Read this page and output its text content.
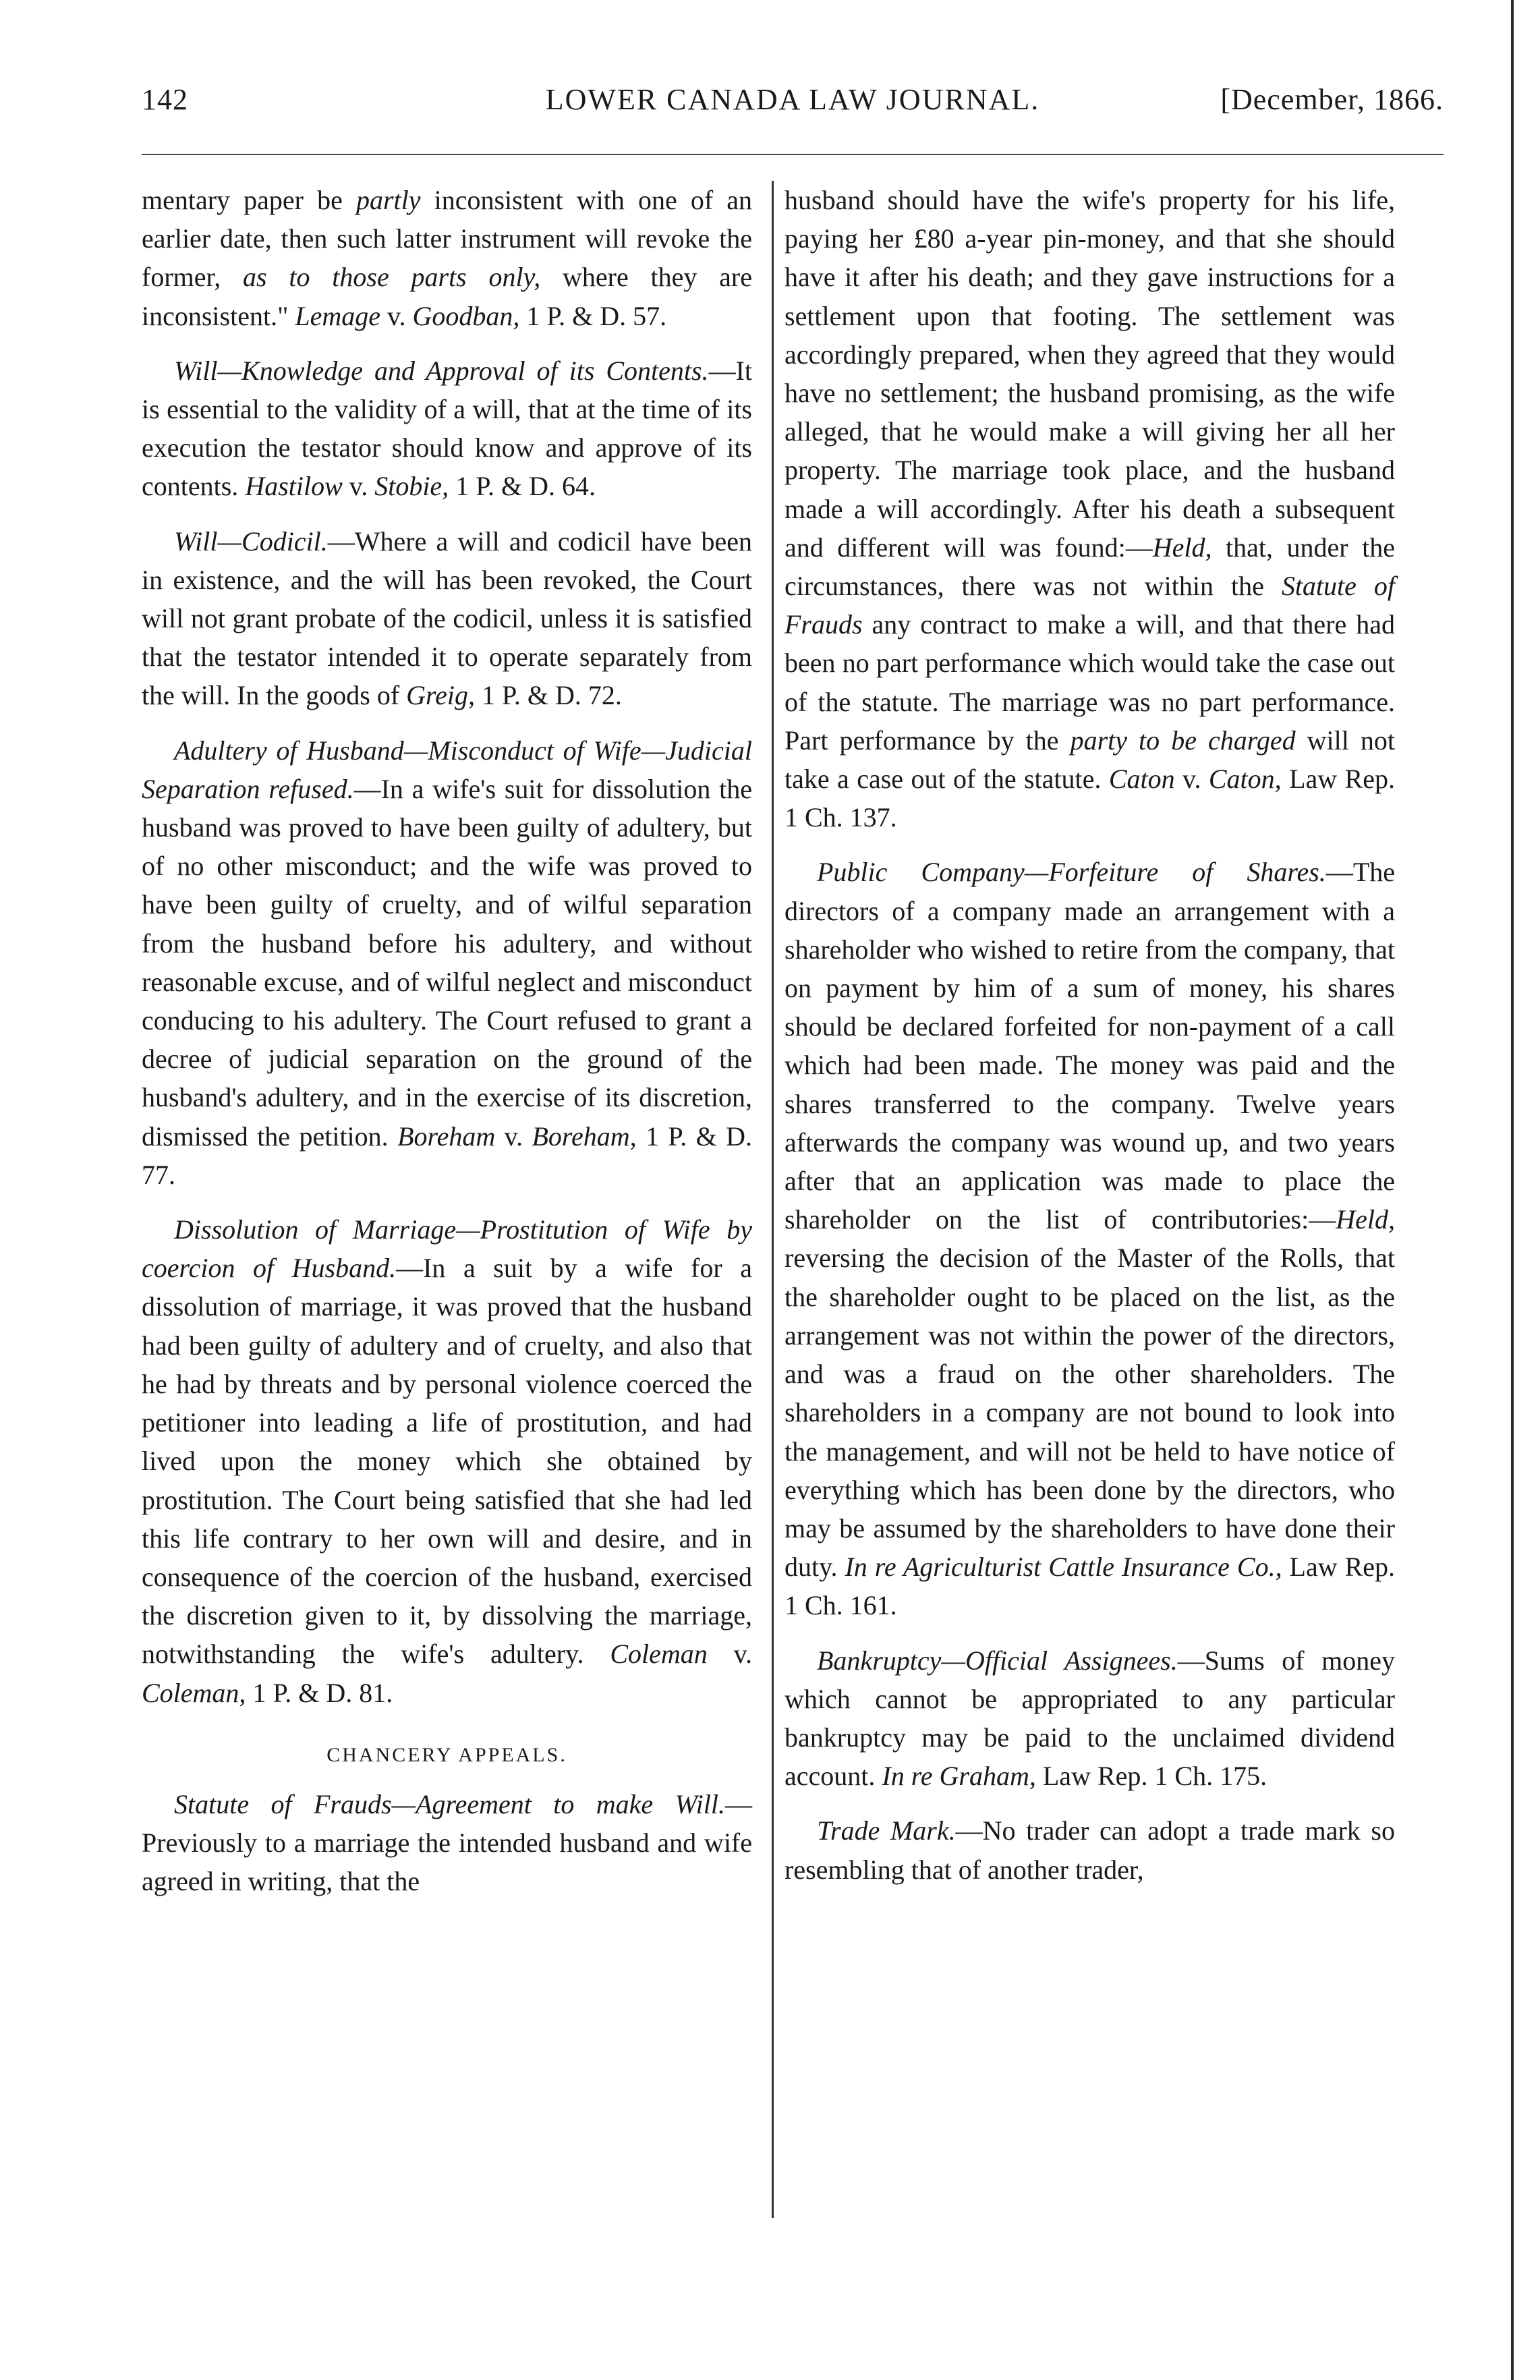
142	LOWER CANADA LAW JOURNAL.	[December, 1866.

mentary paper be partly inconsistent with one of an earlier date, then such latter instrument will revoke the former, as to those parts only, where they are inconsistent." Lemage v. Goodban, 1 P. & D. 57.

Will—Knowledge and Approval of its Contents.—It is essential to the validity of a will, that at the time of its execution the testator should know and approve of its contents. Hastilow v. Stobie, 1 P. & D. 64.

Will—Codicil.—Where a will and codicil have been in existence, and the will has been revoked, the Court will not grant probate of the codicil, unless it is satisfied that the testator intended it to operate separately from the will. In the goods of Greig, 1 P. & D. 72.

Adultery of Husband—Misconduct of Wife—Judicial Separation refused.—In a wife's suit for dissolution the husband was proved to have been guilty of adultery, but of no other misconduct; and the wife was proved to have been guilty of cruelty, and of wilful separation from the husband before his adultery, and without reasonable excuse, and of wilful neglect and misconduct conducing to his adultery. The Court refused to grant a decree of judicial separation on the ground of the husband's adultery, and in the exercise of its discretion, dismissed the petition. Boreham v. Boreham, 1 P. & D. 77.

Dissolution of Marriage—Prostitution of Wife by coercion of Husband.—In a suit by a wife for a dissolution of marriage, it was proved that the husband had been guilty of adultery and of cruelty, and also that he had by threats and by personal violence coerced the petitioner into leading a life of prostitution, and had lived upon the money which she obtained by prostitution. The Court being satisfied that she had led this life contrary to her own will and desire, and in consequence of the coercion of the husband, exercised the discretion given to it, by dissolving the marriage, notwithstanding the wife's adultery. Coleman v. Coleman, 1 P. & D. 81.

CHANCERY APPEALS.

Statute of Frauds—Agreement to make Will.—Previously to a marriage the intended husband and wife agreed in writing, that the

husband should have the wife's property for his life, paying her £80 a-year pin-money, and that she should have it after his death; and they gave instructions for a settlement upon that footing. The settlement was accordingly prepared, when they agreed that they would have no settlement; the husband promising, as the wife alleged, that he would make a will giving her all her property. The marriage took place, and the husband made a will accordingly. After his death a subsequent and different will was found:—Held, that, under the circumstances, there was not within the Statute of Frauds any contract to make a will, and that there had been no part performance which would take the case out of the statute. The marriage was no part performance. Part performance by the party to be charged will not take a case out of the statute. Caton v. Caton, Law Rep. 1 Ch. 137.

Public Company—Forfeiture of Shares.—The directors of a company made an arrangement with a shareholder who wished to retire from the company, that on payment by him of a sum of money, his shares should be declared forfeited for non-payment of a call which had been made. The money was paid and the shares transferred to the company. Twelve years afterwards the company was wound up, and two years after that an application was made to place the shareholder on the list of contributories:—Held, reversing the decision of the Master of the Rolls, that the shareholder ought to be placed on the list, as the arrangement was not within the power of the directors, and was a fraud on the other shareholders. The shareholders in a company are not bound to look into the management, and will not be held to have notice of everything which has been done by the directors, who may be assumed by the shareholders to have done their duty. In re Agriculturist Cattle Insurance Co., Law Rep. 1 Ch. 161.

Bankruptcy—Official Assignees.—Sums of money which cannot be appropriated to any particular bankruptcy may be paid to the unclaimed dividend account. In re Graham, Law Rep. 1 Ch. 175.

Trade Mark.—No trader can adopt a trade mark so resembling that of another trader,
